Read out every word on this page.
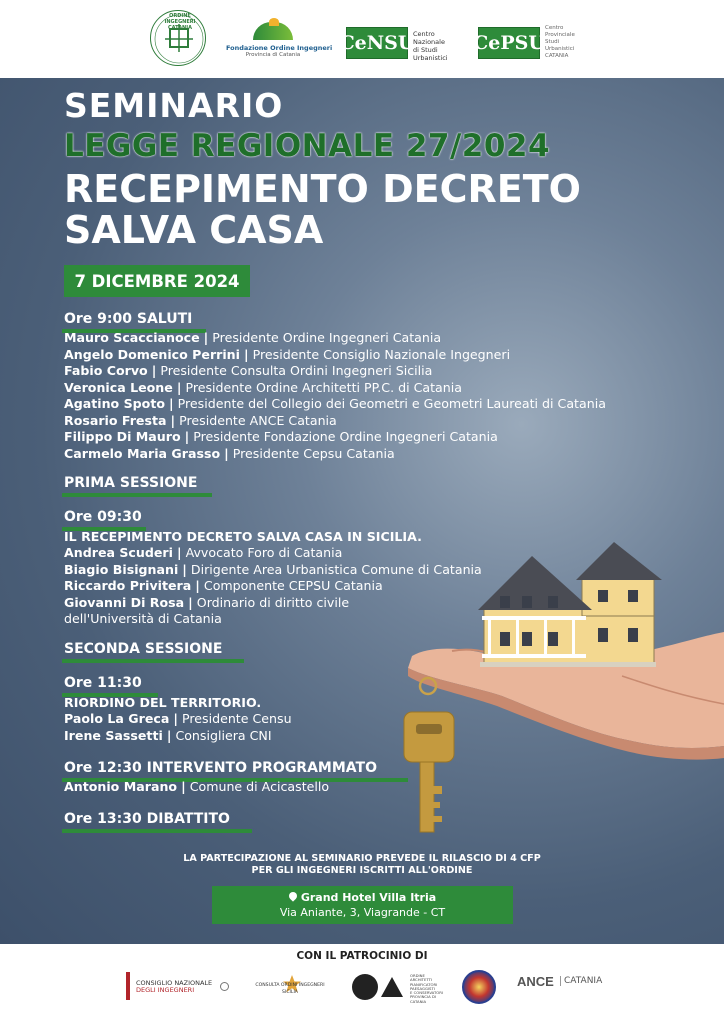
ORDINE INGEGNERI CATANIA
Fondazione Ordine Ingegneri
Provincia di Catania
CeNSU
Centro
Nazionale
di Studi
Urbanistici
CePSU
Centro
Provinciale
Studi
Urbanistici
CATANIA
SEMINARIO
LEGGE REGIONALE 27/2024
RECEPIMENTO DECRETO
SALVA CASA
7 DICEMBRE 2024
Ore 9:00 SALUTI
Mauro Scaccianoce | Presidente Ordine Ingegneri Catania
Angelo Domenico Perrini | Presidente Consiglio Nazionale Ingegneri
Fabio Corvo | Presidente Consulta Ordini Ingegneri Sicilia
Veronica Leone | Presidente Ordine Architetti PP.C. di Catania
Agatino Spoto | Presidente del Collegio dei Geometri e Geometri Laureati di Catania
Rosario Fresta | Presidente ANCE Catania
Filippo Di Mauro | Presidente Fondazione Ordine Ingegneri Catania
Carmelo Maria Grasso | Presidente Cepsu Catania
PRIMA SESSIONE
Ore 09:30
IL RECEPIMENTO DECRETO SALVA CASA IN SICILIA.
Andrea Scuderi | Avvocato Foro di Catania
Biagio Bisignani | Dirigente Area Urbanistica Comune di Catania
Riccardo Privitera | Componente CEPSU Catania
Giovanni Di Rosa | Ordinario di diritto civile
dell'Università di Catania
SECONDA SESSIONE
Ore 11:30
RIORDINO DEL TERRITORIO.
Paolo La Greca | Presidente Censu
Irene Sassetti | Consigliera CNI
Ore 12:30 INTERVENTO PROGRAMMATO
Antonio Marano | Comune di Acicastello
Ore 13:30 DIBATTITO
LA PARTECIPAZIONE AL SEMINARIO PREVEDE IL RILASCIO DI 4 CFP
PER GLI INGEGNERI ISCRITTI ALL'ORDINE
Grand Hotel Villa Itria
Via Aniante, 3, Viagrande - CT
CON IL PATROCINIO DI
CONSIGLIO NAZIONALE
DEGLI INGEGNERI
CONSULTA ORDINI INGEGNERI SICILIA
ORDINE
ARCHITETTI
PIANIFICATORI
PAESAGGISTI
E CONSERVATORI
PROVINCIA DI
CATANIA
ANCE	CATANIA
